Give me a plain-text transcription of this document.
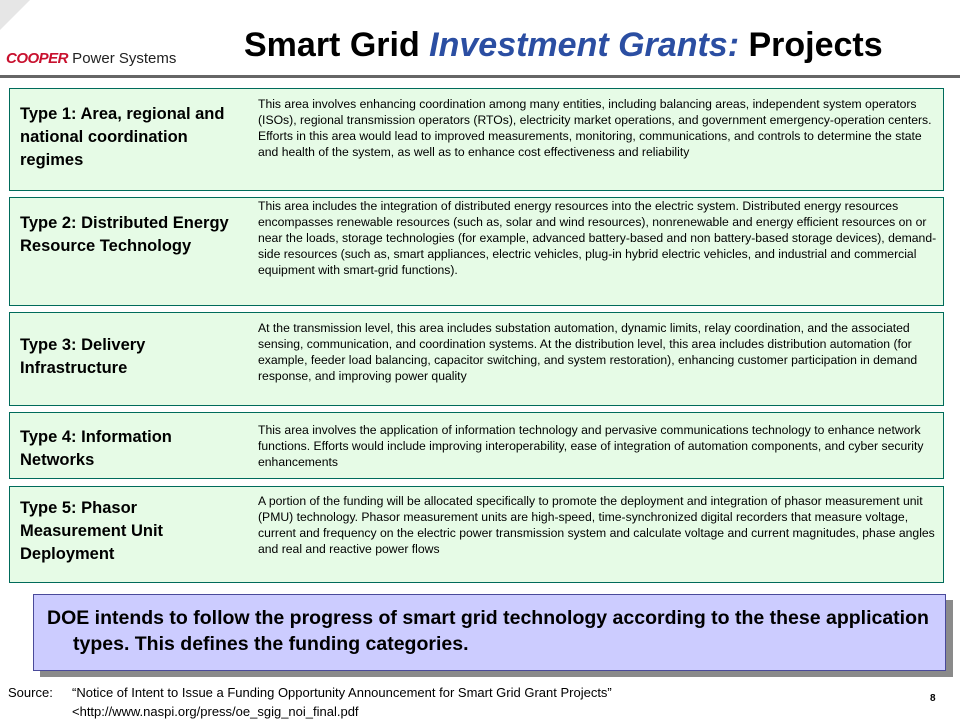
COOPER Power Systems Smart Grid Investment Grants: Projects
Type 1: Area, regional and national coordination regimes
This area involves enhancing coordination among many entities, including balancing areas, independent system operators (ISOs), regional transmission operators (RTOs), electricity market operations, and government emergency-operation centers. Efforts in this area would lead to improved measurements, monitoring, communications, and controls to determine the state and health of the system, as well as to enhance cost effectiveness and reliability
Type 2: Distributed Energy Resource Technology
This area includes the integration of distributed energy resources into the electric system. Distributed energy resources encompasses renewable resources (such as, solar and wind resources), nonrenewable and energy efficient resources on or near the loads, storage technologies (for example, advanced battery-based and non battery-based storage devices), demand-side resources (such as, smart appliances, electric vehicles, plug-in hybrid electric vehicles, and industrial and commercial equipment with smart-grid functions).
Type 3: Delivery Infrastructure
At the transmission level, this area includes substation automation, dynamic limits, relay coordination, and the associated sensing, communication, and coordination systems. At the distribution level, this area includes distribution automation (for example, feeder load balancing, capacitor switching, and system restoration), enhancing customer participation in demand response, and improving power quality
Type 4: Information Networks
This area involves the application of information technology and pervasive communications technology to enhance network functions. Efforts would include improving interoperability, ease of integration of automation components, and cyber security enhancements
Type 5: Phasor Measurement Unit Deployment
A portion of the funding will be allocated specifically to promote the deployment and integration of phasor measurement unit (PMU) technology. Phasor measurement units are high-speed, time-synchronized digital recorders that measure voltage, current and frequency on the electric power transmission system and calculate voltage and current magnitudes, phase angles and real and reactive power flows
DOE intends to follow the progress of smart grid technology according to the these application types. This defines the funding categories.
Source: “Notice of Intent to Issue a Funding Opportunity Announcement for Smart Grid Grant Projects”
<http://www.naspi.org/press/oe_sgig_noi_final.pdf
8
